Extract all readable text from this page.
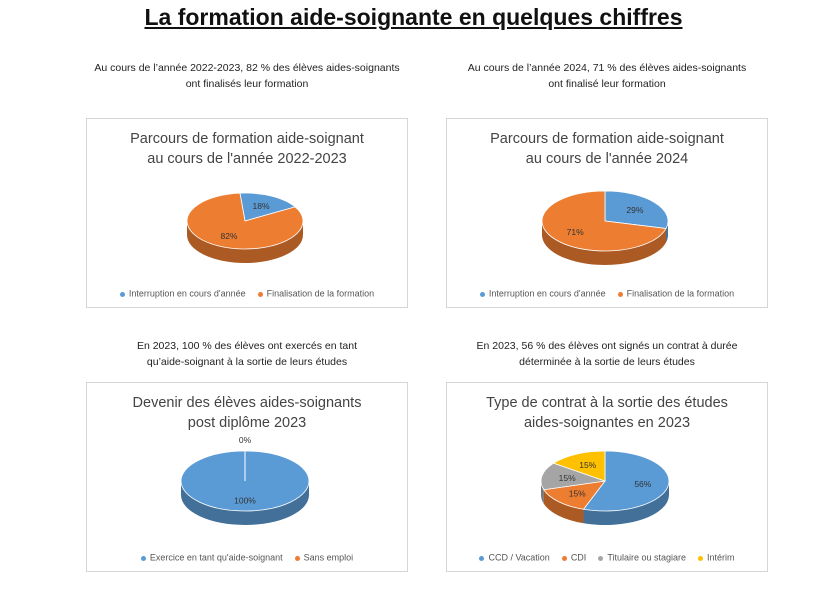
La formation aide-soignante en quelques chiffres
Au cours de l’année 2022-2023, 82 % des élèves aides-soignants
ont finalisés leur formation
Parcours de formation aide-soignant
au cours de l'année 2022-2023
18%
82%
Interruption en cours d'année Finalisation de la formation
Au cours de l’année 2024, 71 % des élèves aides-soignants
ont finalisé leur formation
Parcours de formation aide-soignant
au cours de l'année 2024
29%
71%
Interruption en cours d'année Finalisation de la formation
En 2023, 100 % des élèves ont exercés en tant
qu’aide-soignant à la sortie de leurs études
Devenir des élèves aides-soignants
post diplôme 2023
100%
0%
Exercice en tant qu'aide-soignant Sans emploi
En 2023, 56 % des élèves ont signés un contrat à durée
déterminée à la sortie de leurs études
Type de contrat à la sortie des études
aides-soignantes en 2023
56%
15%
15%
15%
CCD / Vacation CDI Titulaire ou stagiare Intérim
